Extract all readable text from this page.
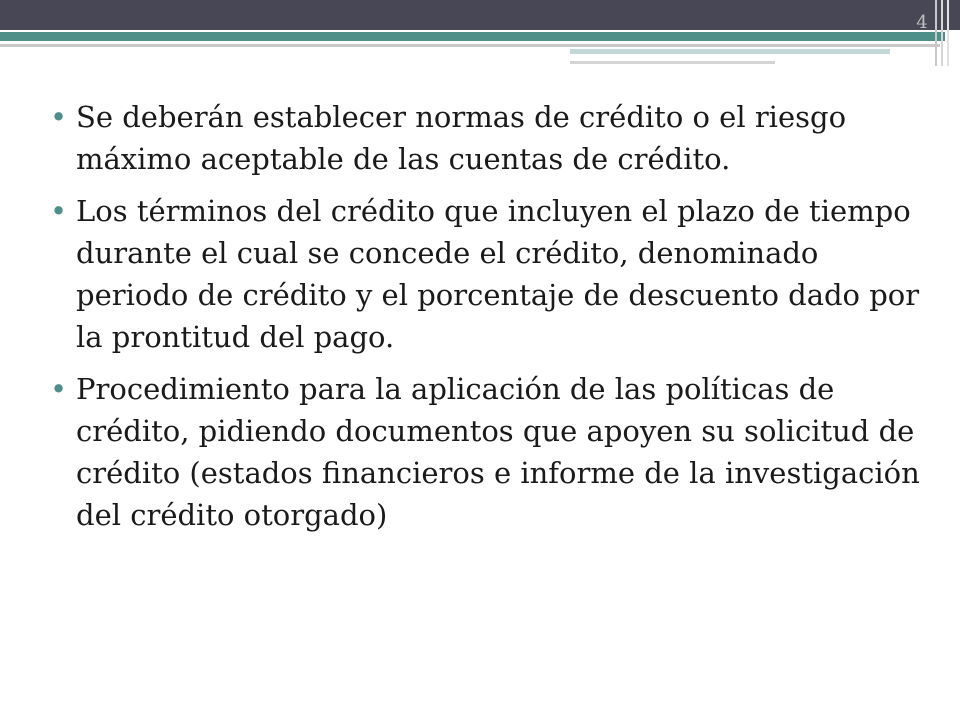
4
• Se deberán establecer normas de crédito o el riesgo máximo aceptable de las cuentas de crédito.
• Los términos del crédito que incluyen el plazo de tiempo durante el cual se concede el crédito, denominado periodo de crédito y el porcentaje de descuento dado por la prontitud del pago.
• Procedimiento para la aplicación de las políticas de crédito, pidiendo documentos que apoyen su solicitud de crédito (estados financieros e informe de la investigación del crédito otorgado)
